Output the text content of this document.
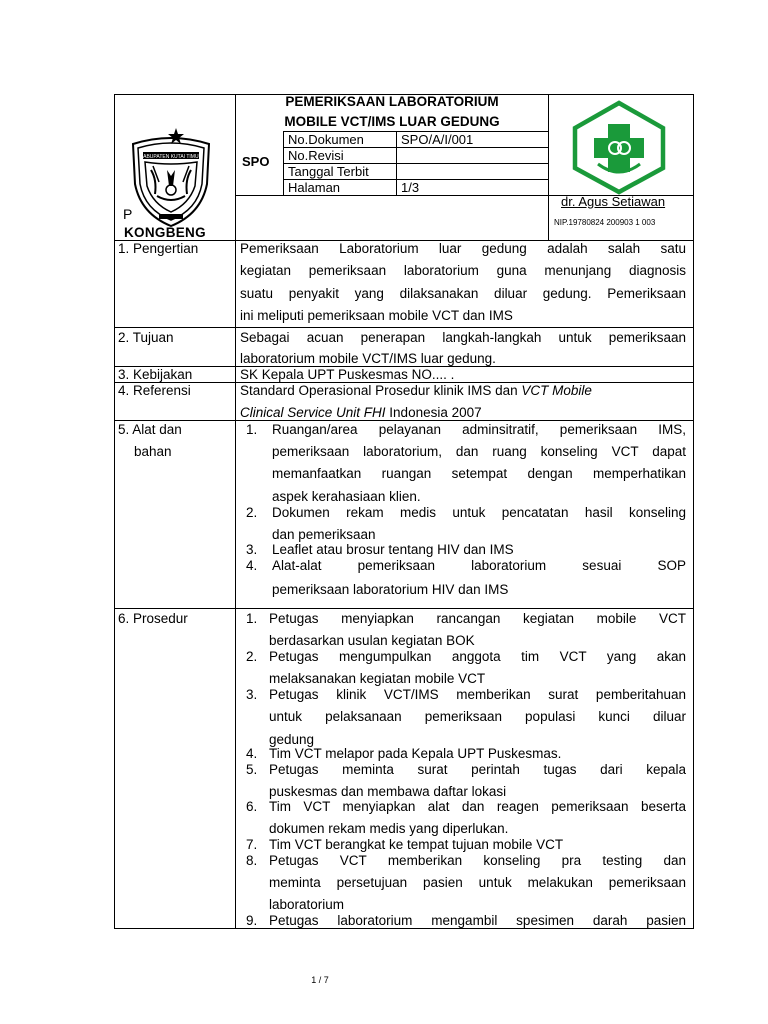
KABUPATEN KUTAI TIMUR
P
KONGBENG
PEMERIKSAAN LABORATORIUM
MOBILE VCT/IMS LUAR GEDUNG
SPO
No.Dokumen	SPO/A/I/001
No.Revisi
Tanggal Terbit
Halaman	1/3
dr. Agus Setiawan
NIP.19780824 200903 1 003
1. Pengertian	Pemeriksaan Laboratorium luar gedung adalah salah satu
kegiatan pemeriksaan laboratorium guna menunjang diagnosis
suatu penyakit yang dilaksanakan diluar gedung. Pemeriksaan
ini meliputi pemeriksaan mobile VCT dan IMS
2. Tujuan	Sebagai acuan penerapan langkah-langkah untuk pemeriksaan
laboratorium mobile VCT/IMS luar gedung.
3. Kebijakan	SK Kepala UPT Puskesmas NO.... .
4. Referensi	Standard Operasional Prosedur klinik IMS dan VCT Mobile
Clinical Service Unit FHI Indonesia 2007
5. Alat dan
bahan
1. Ruangan/area pelayanan adminsitratif, pemeriksaan IMS,
pemeriksaan laboratorium, dan ruang konseling VCT dapat
memanfaatkan ruangan setempat dengan memperhatikan
aspek kerahasiaan klien.
2. Dokumen rekam medis untuk pencatatan hasil konseling
dan pemeriksaan
3. Leaflet atau brosur tentang HIV dan IMS
4. Alat-alat pemeriksaan laboratorium sesuai SOP
pemeriksaan laboratorium HIV dan IMS
6. Prosedur	1. Petugas menyiapkan rancangan kegiatan mobile VCT
berdasarkan usulan kegiatan BOK
2. Petugas mengumpulkan anggota tim VCT yang akan
melaksanakan kegiatan mobile VCT
3. Petugas klinik VCT/IMS memberikan surat pemberitahuan
untuk pelaksanaan pemeriksaan populasi kunci diluar
gedung
4. Tim VCT melapor pada Kepala UPT Puskesmas.
5. Petugas meminta surat perintah tugas dari kepala
puskesmas dan membawa daftar lokasi
6. Tim VCT menyiapkan alat dan reagen pemeriksaan beserta
dokumen rekam medis yang diperlukan.
7. Tim VCT berangkat ke tempat tujuan mobile VCT
8. Petugas VCT memberikan konseling pra testing dan
meminta persetujuan pasien untuk melakukan pemeriksaan
laboratorium
9. Petugas laboratorium mengambil spesimen darah pasien
1 / 7
